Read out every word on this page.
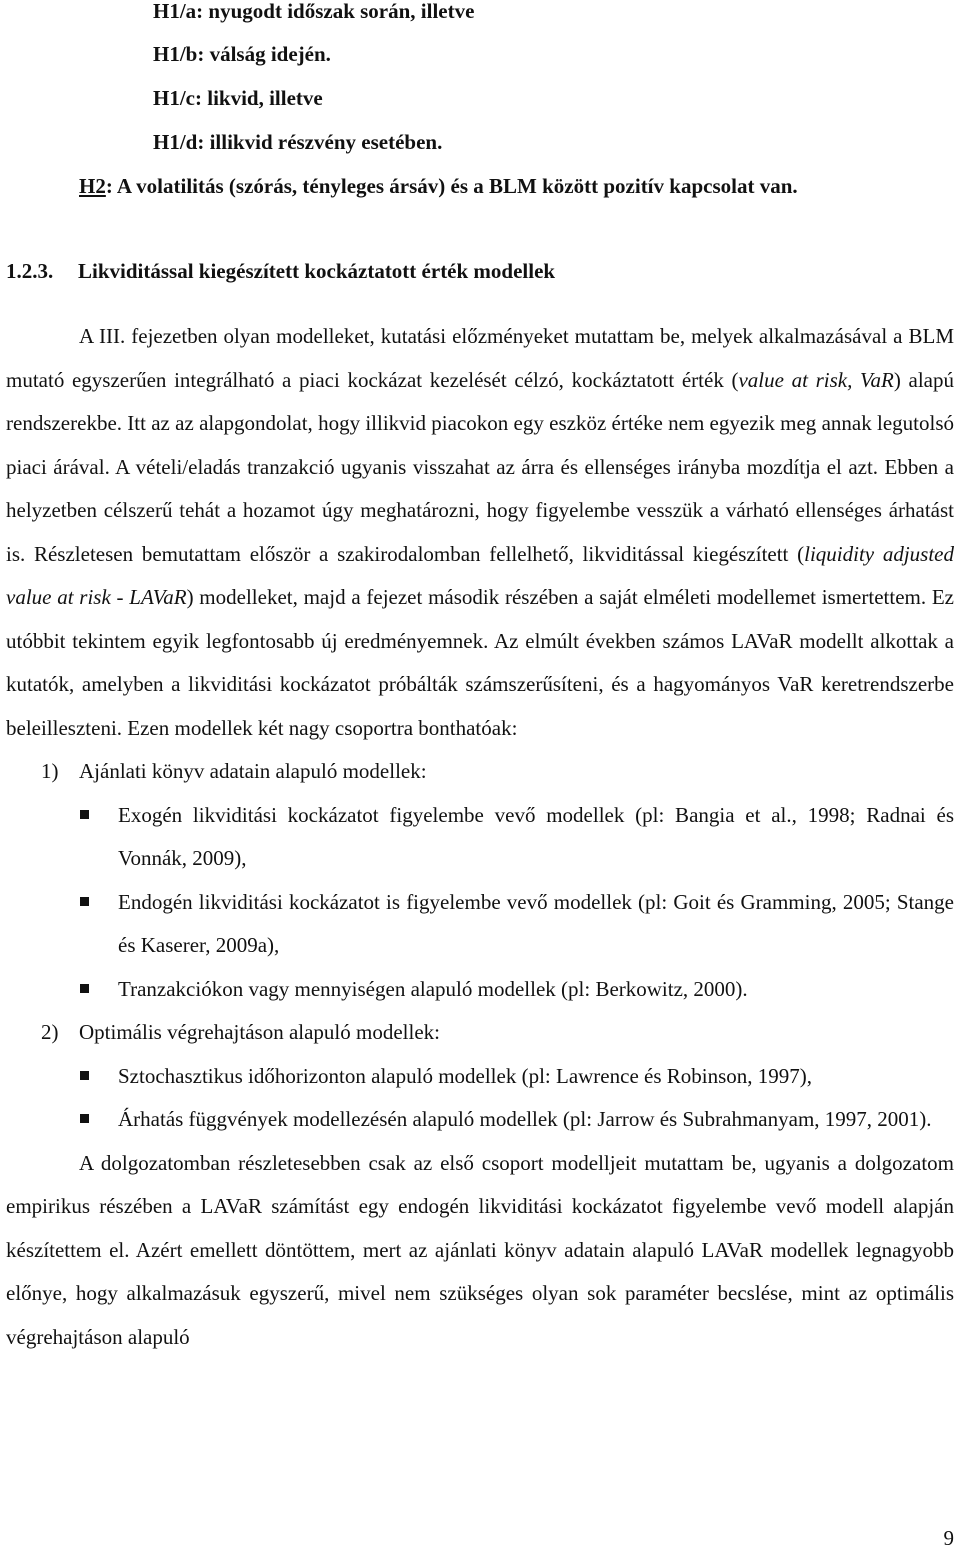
H1/a: nyugodt időszak során, illetve
H1/b: válság idején.
H1/c: likvid, illetve
H1/d: illikvid részvény esetében.
H2: A volatilitás (szórás, tényleges ársáv) és a BLM között pozitív kapcsolat van.
1.2.3. Likviditással kiegészített kockáztatott érték modellek

A III. fejezetben olyan modelleket, kutatási előzményeket mutattam be, melyek alkalmazásával a BLM mutató egyszerűen integrálható a piaci kockázat kezelését célzó, kockáztatott érték (value at risk, VaR) alapú rendszerekbe. Itt az az alapgondolat, hogy illikvid piacokon egy eszköz értéke nem egyezik meg annak legutolsó piaci árával. A vételi/eladás tranzakció ugyanis visszahat az árra és ellenséges irányba mozdítja el azt. Ebben a helyzetben célszerű tehát a hozamot úgy meghatározni, hogy figyelembe vesszük a várható ellenséges árhatást is. Részletesen bemutattam először a szakirodalomban fellelhető, likviditással kiegészített (liquidity adjusted value at risk - LAVaR) modelleket, majd a fejezet második részében a saját elméleti modellemet ismertettem. Ez utóbbit tekintem egyik legfontosabb új eredményemnek. Az elmúlt években számos LAVaR modellt alkottak a kutatók, amelyben a likviditási kockázatot próbálták számszerűsíteni, és a hagyományos VaR keretrendszerbe beleilleszteni. Ezen modellek két nagy csoportra bonthatóak:

1) Ajánlati könyv adatain alapuló modellek:
Exogén likviditási kockázatot figyelembe vevő modellek (pl: Bangia et al., 1998; Radnai és Vonnák, 2009),
Endogén likviditási kockázatot is figyelembe vevő modellek (pl: Goit és Gramming, 2005; Stange és Kaserer, 2009a),
Tranzakciókon vagy mennyiségen alapuló modellek (pl: Berkowitz, 2000).
2) Optimális végrehajtáson alapuló modellek:
Sztochasztikus időhorizonton alapuló modellek (pl: Lawrence és Robinson, 1997),
Árhatás függvények modellezésén alapuló modellek (pl: Jarrow és Subrahmanyam, 1997, 2001).

A dolgozatomban részletesebben csak az első csoport modelljeit mutattam be, ugyanis a dolgozatom empirikus részében a LAVaR számítást egy endogén likviditási kockázatot figyelembe vevő modell alapján készítettem el. Azért emellett döntöttem, mert az ajánlati könyv adatain alapuló LAVaR modellek legnagyobb előnye, hogy alkalmazásuk egyszerű, mivel nem szükséges olyan sok paraméter becslése, mint az optimális végrehajtáson alapuló

9
